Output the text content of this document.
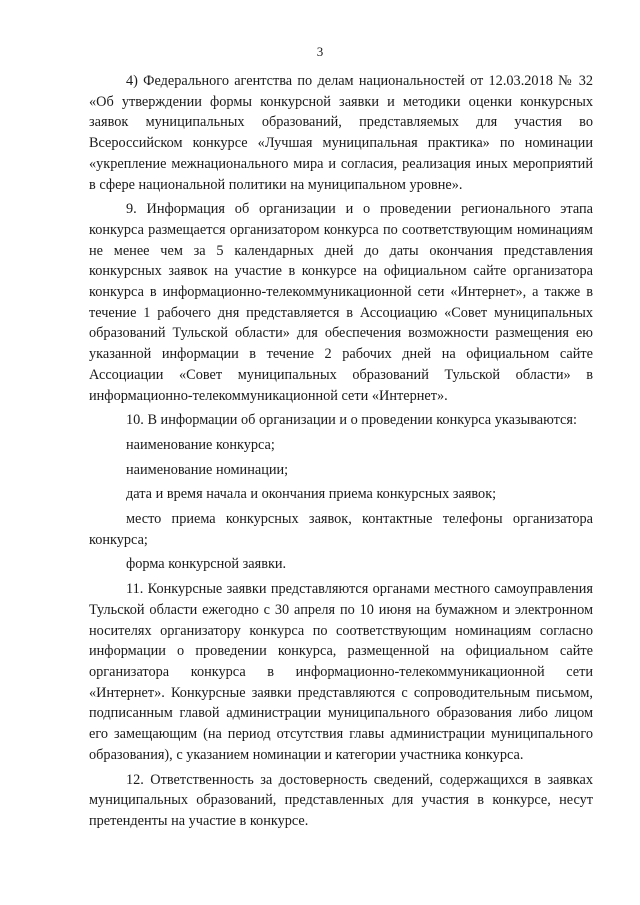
3

4) Федерального агентства по делам национальностей от 12.03.2018 № 32 «Об утверждении формы конкурсной заявки и методики оценки конкурсных заявок муниципальных образований, представляемых для участия во Всероссийском конкурсе «Лучшая муниципальная практика» по номинации «укрепление межнационального мира и согласия, реализация иных мероприятий в сфере национальной политики на муниципальном уровне».

9. Информация об организации и о проведении регионального этапа конкурса размещается организатором конкурса по соответствующим номинациям не менее чем за 5 календарных дней до даты окончания представления конкурсных заявок на участие в конкурсе на официальном сайте организатора конкурса в информационно-телекоммуникационной сети «Интернет», а также в течение 1 рабочего дня представляется в Ассоциацию «Совет муниципальных образований Тульской области» для обеспечения возможности размещения ею указанной информации в течение 2 рабочих дней на официальном сайте Ассоциации «Совет муниципальных образований Тульской области» в информационно-телекоммуникационной сети «Интернет».

10. В информации об организации и о проведении конкурса указываются:

наименование конкурса;

наименование номинации;

дата и время начала и окончания приема конкурсных заявок;

место приема конкурсных заявок, контактные телефоны организатора конкурса;

форма конкурсной заявки.

11. Конкурсные заявки представляются органами местного самоуправления Тульской области ежегодно с 30 апреля по 10 июня на бумажном и электронном носителях организатору конкурса по соответствующим номинациям согласно информации о проведении конкурса, размещенной на официальном сайте организатора конкурса в информационно-телекоммуникационной сети «Интернет». Конкурсные заявки представляются с сопроводительным письмом, подписанным главой администрации муниципального образования либо лицом его замещающим (на период отсутствия главы администрации муниципального образования), с указанием номинации и категории участника конкурса.

12. Ответственность за достоверность сведений, содержащихся в заявках муниципальных образований, представленных для участия в конкурсе, несут претенденты на участие в конкурсе.
